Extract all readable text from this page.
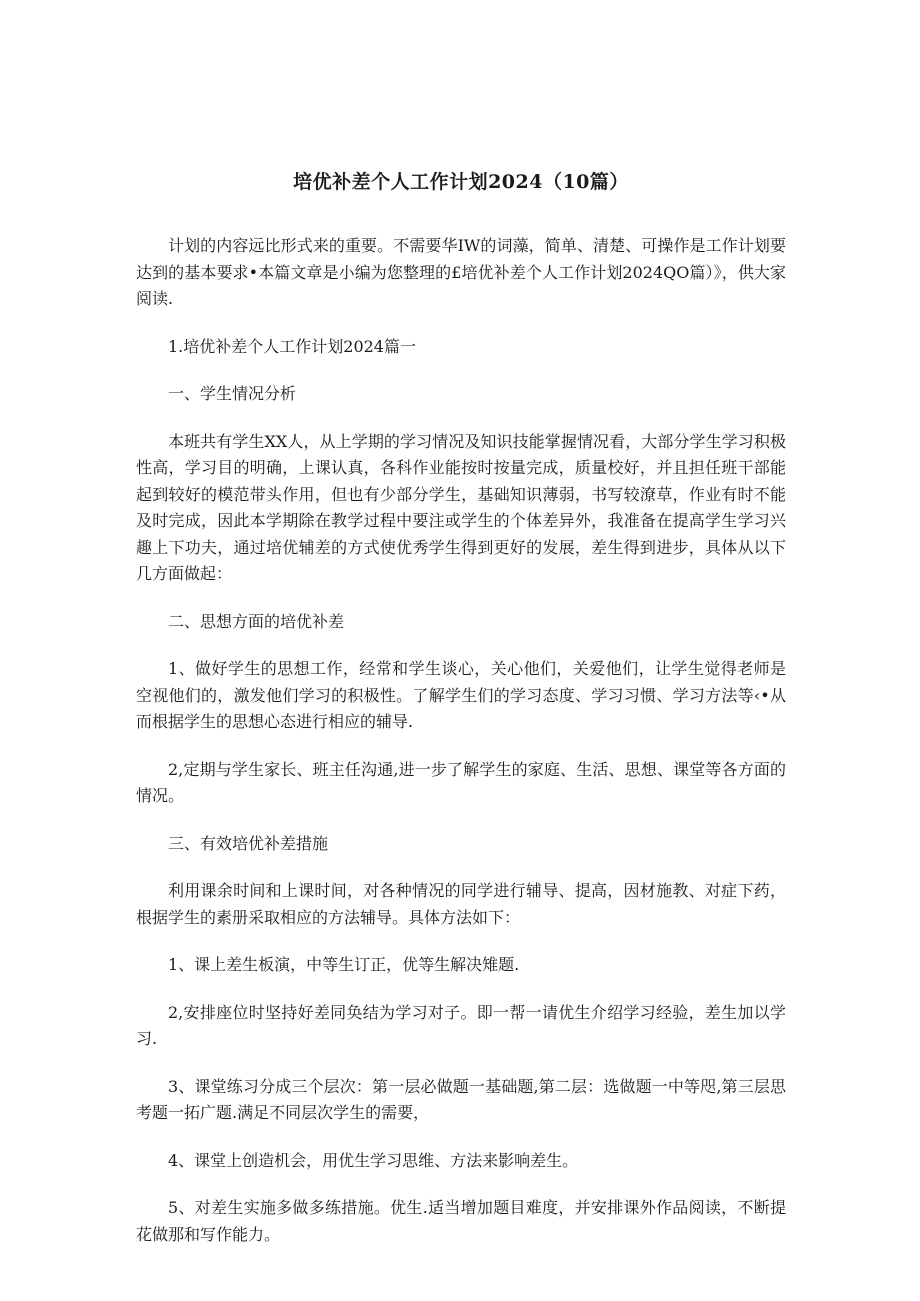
培优补差个人工作计划2024（10篇）

计划的内容远比形式来的重要。不需要华IW的词藻，简单、清楚、可操作是工作计划要达到的基本要求•本篇文章是小编为您整理的£培优补差个人工作计划2024QO篇）》，供大家阅读.

1.培优补差个人工作计划2024篇一

一、学生情况分析

本班共有学生XX人，从上学期的学习情况及知识技能掌握情况看，大部分学生学习积极性高，学习目的明确，上课认真，各科作业能按时按量完成，质量校好，并且担任班干部能起到较好的模范带头作用，但也有少部分学生，基础知识薄弱，书写较潦草，作业有时不能及时完成，因此本学期除在教学过程中要注或学生的个体差异外，我准备在提高学生学习兴趣上下功夫，通过培优辅差的方式使优秀学生得到更好的发展，差生得到进步，具体从以下几方面做起：

二、思想方面的培优补差

1、做好学生的思想工作，经常和学生谈心，关心他们，关爱他们，让学生觉得老师是空视他们的，激发他们学习的积极性。了解学生们的学习态度、学习习惯、学习方法等‹•从而根据学生的思想心态进行相应的辅导.

2,定期与学生家长、班主任沟通,进一步了解学生的家庭、生活、思想、课堂等各方面的情况。

三、有效培优补差措施

利用课余时间和上课时间，对各种情况的同学进行辅导、提高，因材施教、对症下药，根据学生的素册采取相应的方法辅导。具体方法如下：

1、课上差生板演，中等生订正，优等生解决雉题.

2,安排座位时坚持好差同奂结为学习对子。即一帮一请优生介绍学习经验，差生加以学习.

3、课堂练习分成三个层次：第一层必做题一基础题,第二层：选做题一中等咫,第三层思考题一拓广题.满足不同层次学生的需要，

4、课堂上创造机会，用优生学习思维、方法来影响差生。

5、对差生实施多做多练措施。优生.适当增加题目难度，并安排课外作品阅读，不断提花做那和写作能力。
